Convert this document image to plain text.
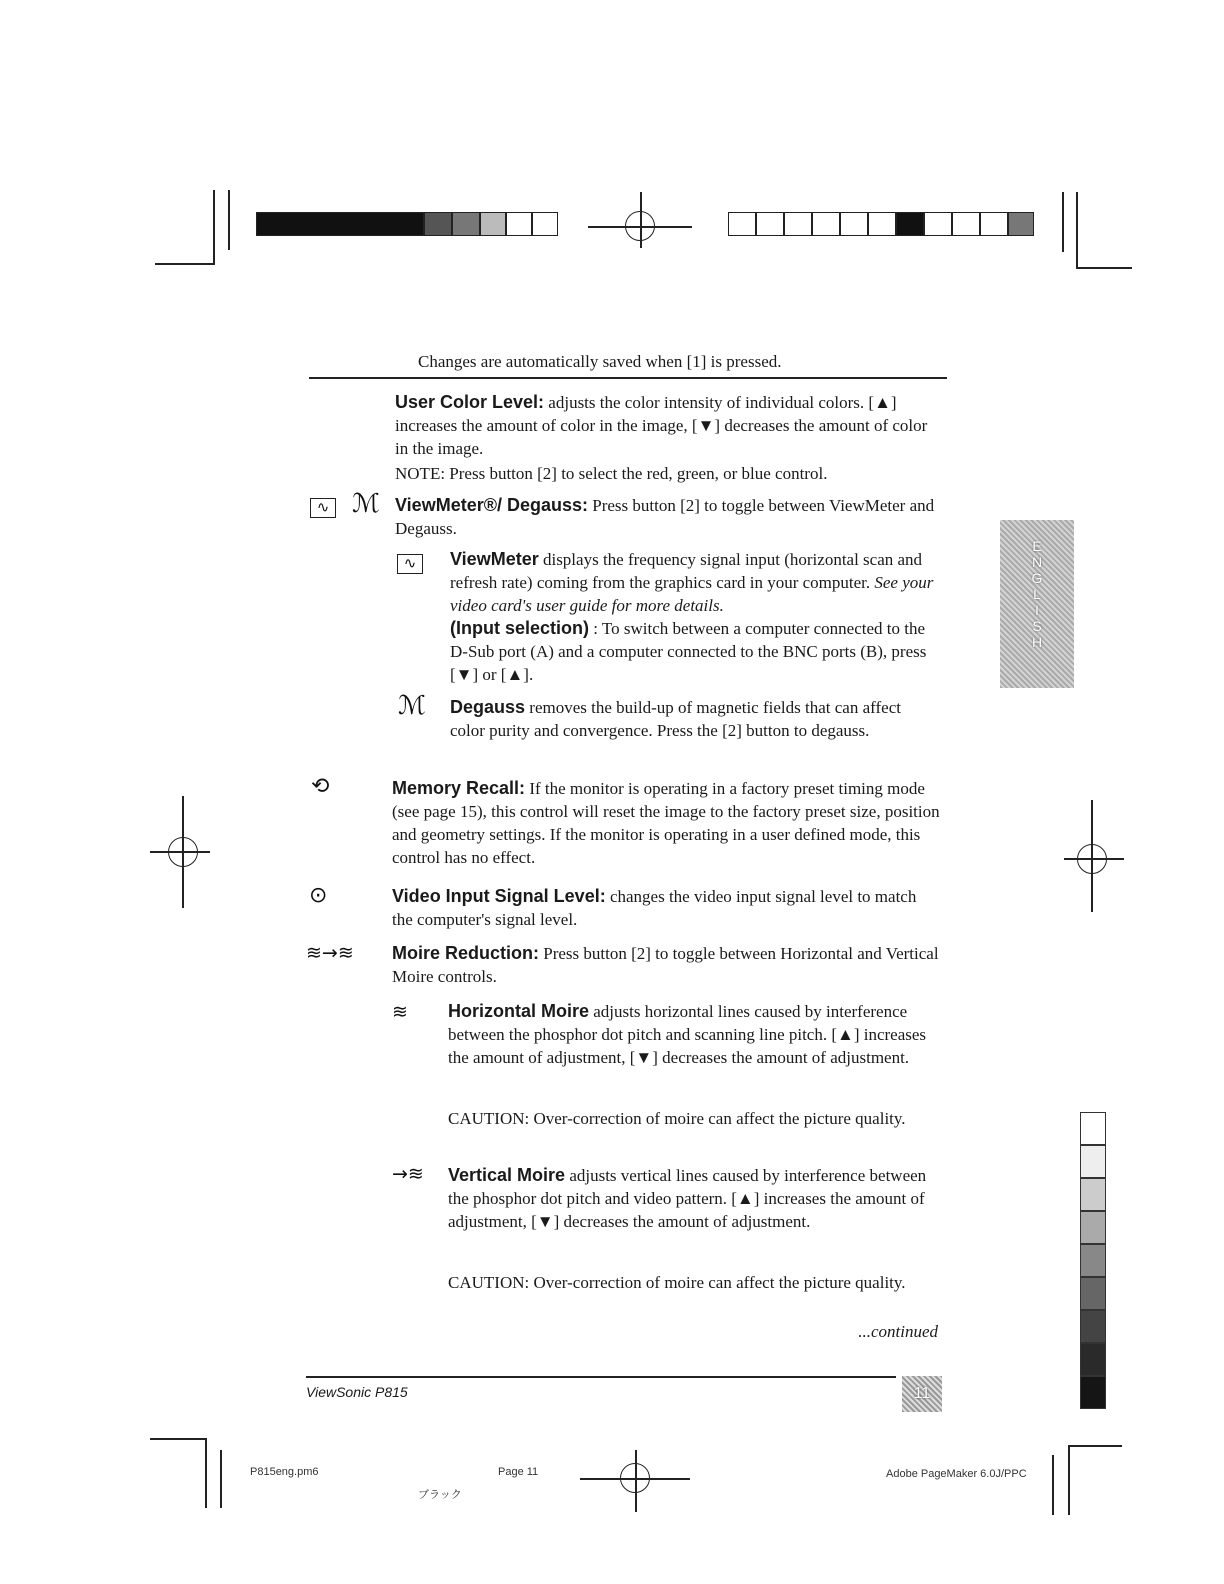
Changes are automatically saved when [1] is pressed.
User Color Level: adjusts the color intensity of individual colors. [▲] increases the amount of color in the image, [▼] decreases the amount of color in the image.
NOTE: Press button [2] to select the red, green, or blue control.
∿ ℳ ViewMeter®/ Degauss: Press button [2] to toggle between ViewMeter and Degauss.
∿	ViewMeter displays the frequency signal input (horizontal scan and refresh rate) coming from the graphics card in your computer. See your video card's user guide for more details.
(Input selection) : To switch between a computer connected to the D-Sub port (A) and a computer connected to the BNC ports (B), press [▼] or [▲].
ℳ Degauss removes the build-up of magnetic fields that can affect color purity and convergence. Press the [2] button to degauss.
⟲	Memory Recall: If the monitor is operating in a factory preset timing mode (see page 15), this control will reset the image to the factory preset size, position and geometry settings. If the monitor is operating in a user defined mode, this control has no effect.
⊙	Video Input Signal Level: changes the video input signal level to match the computer's signal level.
≋→≋ Moire Reduction: Press button [2] to toggle between Horizontal and Vertical Moire controls.
≋ Horizontal Moire adjusts horizontal lines caused by interference between the phosphor dot pitch and scanning line pitch. [▲] increases the amount of adjustment, [▼] decreases the amount of adjustment.
CAUTION: Over-correction of moire can affect the picture quality.
→≋ Vertical Moire adjusts vertical lines caused by interference between the phosphor dot pitch and video pattern. [▲] increases the amount of adjustment, [▼] decreases the amount of adjustment.
CAUTION: Over-correction of moire can affect the picture quality.
...continued
E
N
G
L
I
S
H
ViewSonic P815	11
P815eng.pm6	Page 11
ブラック
Adobe PageMaker 6.0J/PPC
